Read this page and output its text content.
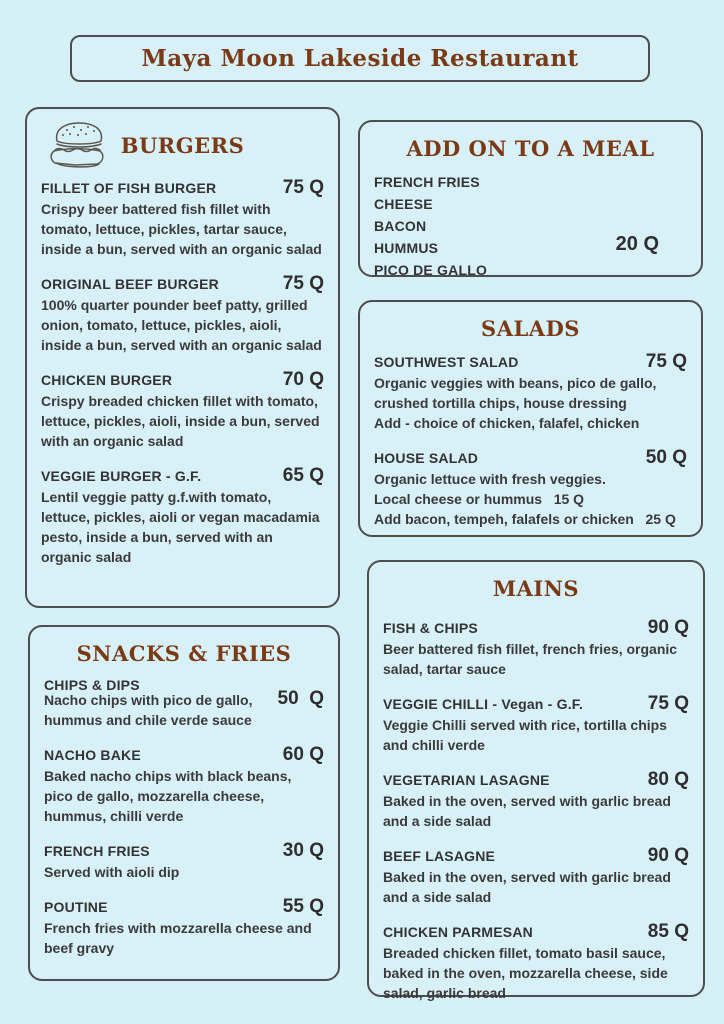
Maya Moon Lakeside Restaurant
BURGERS
FILLET OF FISH BURGER	75 Q
Crispy beer battered fish fillet with tomato, lettuce, pickles, tartar sauce, inside a bun, served with an organic salad
ORIGINAL BEEF BURGER	75 Q
100% quarter pounder beef patty, grilled onion, tomato, lettuce, pickles, aioli, inside a bun, served with an organic salad
CHICKEN BURGER	70 Q
Crispy breaded chicken fillet with tomato, lettuce, pickles, aioli, inside a bun, served with an organic salad
VEGGIE BURGER - G.F.	65 Q
Lentil veggie patty g.f.with tomato, lettuce, pickles, aioli or vegan macadamia pesto, inside a bun, served with an organic salad
SNACKS & FRIES
CHIPS & DIPS
50  Q
Nacho chips with pico de gallo, hummus and chile verde sauce
NACHO BAKE	60 Q
Baked nacho chips with black beans, pico de gallo, mozzarella cheese, hummus, chilli verde
FRENCH FRIES	30 Q
Served with aioli dip
POUTINE	55 Q
French fries with mozzarella cheese and beef gravy
ADD ON TO A MEAL
FRENCH FRIES
CHEESE
BACON
HUMMUS
PICO DE GALLO
20 Q
SALADS
SOUTHWEST SALAD	75 Q
Organic veggies with beans, pico de gallo, crushed tortilla chips, house dressing
Add - choice of chicken, falafel, chicken
HOUSE SALAD	50 Q
Organic lettuce with fresh veggies.
Local cheese or hummus   15 Q
Add bacon, tempeh, falafels or chicken   25 Q
MAINS
FISH & CHIPS	90 Q
Beer battered fish fillet, french fries, organic salad, tartar sauce
VEGGIE CHILLI - Vegan - G.F.	75 Q
Veggie Chilli served with rice, tortilla chips and chilli verde
VEGETARIAN LASAGNE	80 Q
Baked in the oven, served with garlic bread and a side salad
BEEF LASAGNE	90 Q
Baked in the oven, served with garlic bread and a side salad
CHICKEN PARMESAN	85 Q
Breaded chicken fillet, tomato basil sauce, baked in the oven, mozzarella cheese, side salad, garlic bread
